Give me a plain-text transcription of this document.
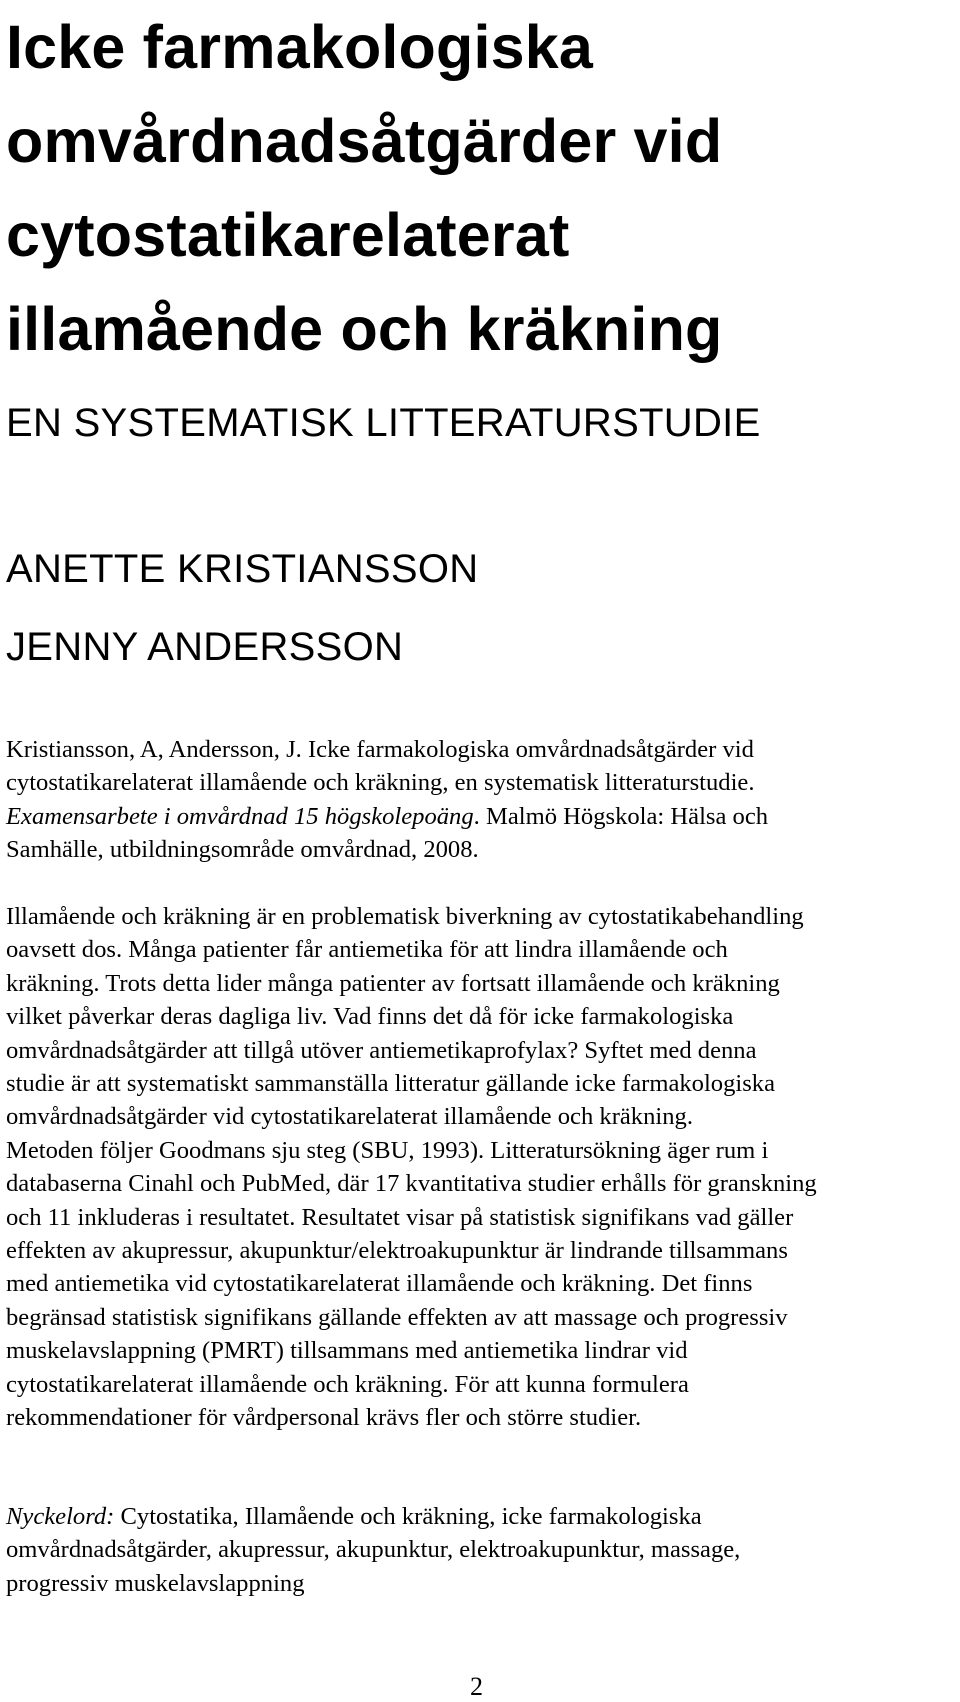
Icke farmakologiska
omvårdnadsåtgärder vid
cytostatikarelaterat
illamående och kräkning
EN SYSTEMATISK LITTERATURSTUDIE
ANETTE KRISTIANSSON
JENNY ANDERSSON
Kristiansson, A, Andersson, J. Icke farmakologiska omvårdnadsåtgärder vid
cytostatikarelaterat illamående och kräkning, en systematisk litteraturstudie.
Examensarbete i omvårdnad 15 högskolepoäng. Malmö Högskola: Hälsa och
Samhälle, utbildningsområde omvårdnad, 2008.
Illamående och kräkning är en problematisk biverkning av cytostatikabehandling
oavsett dos. Många patienter får antiemetika för att lindra illamående och
kräkning. Trots detta lider många patienter av fortsatt illamående och kräkning
vilket påverkar deras dagliga liv. Vad finns det då för icke farmakologiska
omvårdnadsåtgärder att tillgå utöver antiemetikaprofylax? Syftet med denna
studie är att systematiskt sammanställa litteratur gällande icke farmakologiska
omvårdnadsåtgärder vid cytostatikarelaterat illamående och kräkning.
Metoden följer Goodmans sju steg (SBU, 1993). Litteratursökning äger rum i
databaserna Cinahl och PubMed, där 17 kvantitativa studier erhålls för granskning
och 11 inkluderas i resultatet. Resultatet visar på statistisk signifikans vad gäller
effekten av akupressur, akupunktur/elektroakupunktur är lindrande tillsammans
med antiemetika vid cytostatikarelaterat illamående och kräkning. Det finns
begränsad statistisk signifikans gällande effekten av att massage och progressiv
muskelavslappning (PMRT) tillsammans med antiemetika lindrar vid
cytostatikarelaterat illamående och kräkning. För att kunna formulera
rekommendationer för vårdpersonal krävs fler och större studier.
Nyckelord: Cytostatika, Illamående och kräkning, icke farmakologiska
omvårdnadsåtgärder, akupressur, akupunktur, elektroakupunktur, massage,
progressiv muskelavslappning
2
